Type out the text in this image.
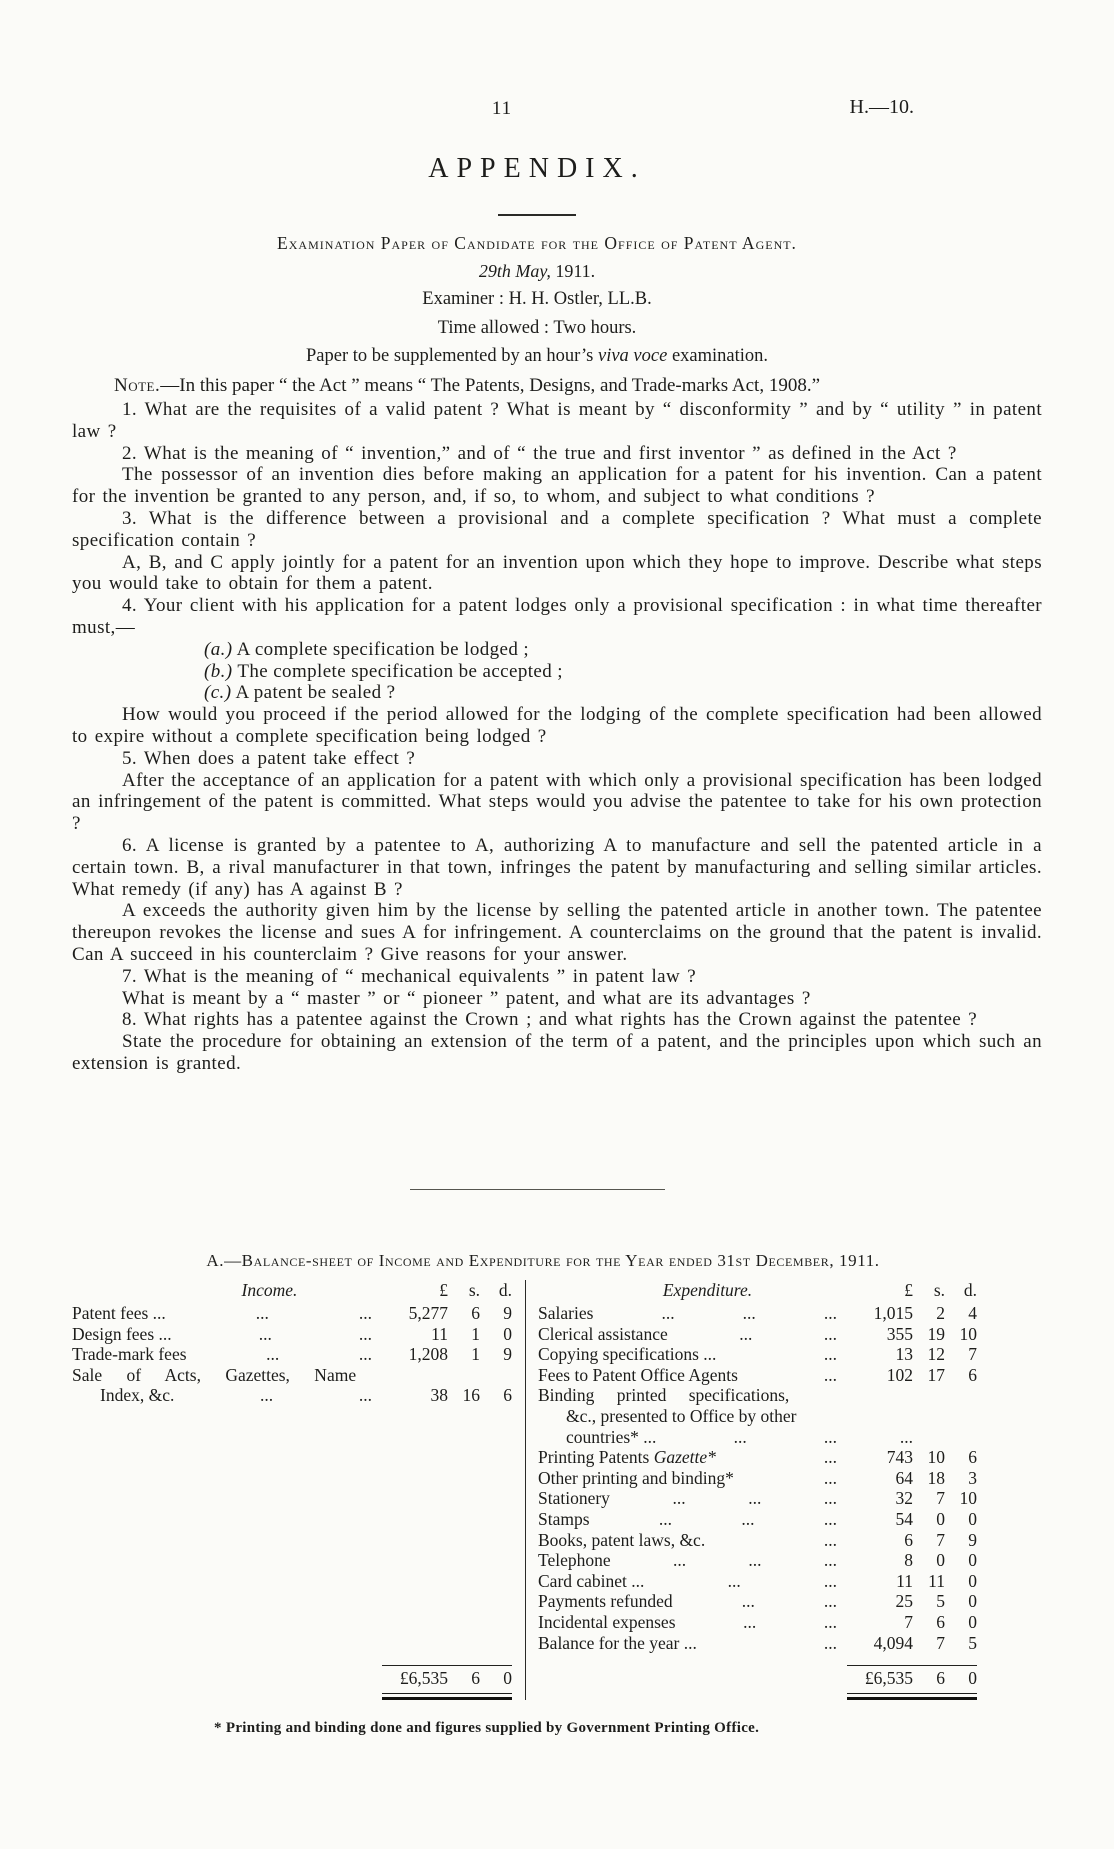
11	H.—10.
APPENDIX.
Examination Paper of Candidate for the Office of Patent Agent.
29th May, 1911.
Examiner : H. H. Ostler, LL.B.
Time allowed : Two hours.
Paper to be supplemented by an hour’s viva voce examination.

Note.—In this paper “ the Act ” means “ The Patents, Designs, and Trade-marks Act, 1908.”

1. What are the requisites of a valid patent ? What is meant by “ disconformity ” and by “ utility ” in patent law ?

2. What is the meaning of “ invention,” and of “ the true and first inventor ” as defined in the Act ?

The possessor of an invention dies before making an application for a patent for his invention. Can a patent for the invention be granted to any person, and, if so, to whom, and subject to what conditions ?

3. What is the difference between a provisional and a complete specification ? What must a complete specification contain ?

A, B, and C apply jointly for a patent for an invention upon which they hope to improve. Describe what steps you would take to obtain for them a patent.

4. Your client with his application for a patent lodges only a provisional specification : in what time thereafter must,—

(a.) A complete specification be lodged ;
(b.) The complete specification be accepted ;
(c.) A patent be sealed ?

How would you proceed if the period allowed for the lodging of the complete specification had been allowed to expire without a complete specification being lodged ?

5. When does a patent take effect ?

After the acceptance of an application for a patent with which only a provisional specification has been lodged an infringement of the patent is committed. What steps would you advise the patentee to take for his own protection ?

6. A license is granted by a patentee to A, authorizing A to manufacture and sell the patented article in a certain town. B, a rival manufacturer in that town, infringes the patent by manufacturing and selling similar articles. What remedy (if any) has A against B ?

A exceeds the authority given him by the license by selling the patented article in another town. The patentee thereupon revokes the license and sues A for infringement. A counterclaims on the ground that the patent is invalid. Can A succeed in his counterclaim ? Give reasons for your answer.

7. What is the meaning of “ mechanical equivalents ” in patent law ?

What is meant by a “ master ” or “ pioneer ” patent, and what are its advantages ?

8. What rights has a patentee against the Crown ; and what rights has the Crown against the patentee ?

State the procedure for obtaining an extension of the term of a patent, and the principles upon which such an extension is granted.

A.—Balance-sheet of Income and Expenditure for the Year ended 31st December, 1911.
Income.	£	s.	d.
Patent fees ...	...	...	5,277	6	9
Design fees ...	...	...	11	1	0
Trade-mark fees	...	...	1,208	1	9
Sale of Acts, Gazettes, Name
Index, &c.	...	...	38 16	6
£6,535	6	0
Expenditure.	£	s.	d.
Salaries	...	...	...	1,015	2	4
Clerical assistance	...	...	355 19 10
Copying specifications ...	...	13 12	7
Fees to Patent Office Agents	...	102 17	6
Binding printed specifications,
&c., presented to Office by other
countries* ...	...	...	...
Printing Patents Gazette*	...	743 10	6
Other printing and binding*	...	64 18	3
Stationery	...	...	...	32	7 10
Stamps	...	...	...	54	0	0
Books, patent laws, &c.	...	6	7	9
Telephone	...	...	...	8	0	0
Card cabinet ...	...	...	11 11	0
Payments refunded	...	...	25	5	0
Incidental expenses	...	...	7	6	0
Balance for the year ...	...	4,094	7	5
£6,535	6	0
* Printing and binding done and figures supplied by Government Printing Office.
